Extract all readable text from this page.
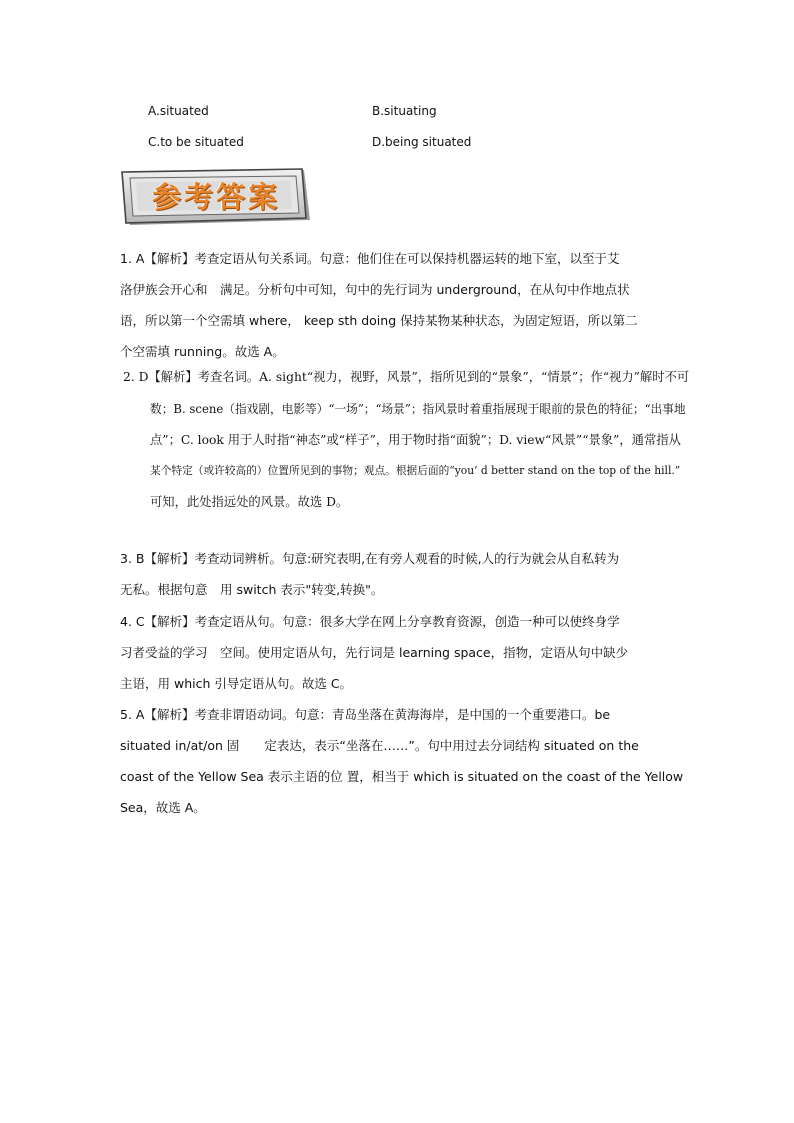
A.situated	B.situating
C.to be situated	D.being situated
参考答案
1. A【解析】考查定语从句关系词。句意：他们住在可以保持机器运转的地下室，以至于艾
洛伊族会开心和　满足。分析句中可知，句中的先行词为 underground，在从句中作地点状
语，所以第一个空需填 where， keep sth doing 保持某物某种状态，为固定短语，所以第二
个空需填 running。故选 A。
2. D【解析】考查名词。A. sight“视力，视野，风景”，指所见到的“景象”，“情景”；作“视力”解时不可
数；B. scene（指戏剧，电影等）“一场”；“场景”；指风景时着重指展现于眼前的景色的特征；“出事地
点”；C. look 用于人时指“神态”或“样子”，用于物时指“面貌”；D. view“风景”“景象”，通常指从
某个特定（或许较高的）位置所见到的事物；观点。根据后面的“you’ d better stand on the top of the hill.”
可知，此处指远处的风景。故选 D。
3. B【解析】考查动词辨析。句意:研究表明,在有旁人观看的时候,人的行为就会从自私转为
无私。根据句意　用 switch 表示"转变,转换"。
4. C【解析】考查定语从句。句意：很多大学在网上分享教育资源，创造一种可以使终身学
习者受益的学习　空间。使用定语从句，先行词是 learning space，指物，定语从句中缺少
主语，用 which 引导定语从句。故选 C。
5. A【解析】考查非谓语动词。句意：青岛坐落在黄海海岸，是中国的一个重要港口。be
situated in/at/on 固　　定表达，表示“坐落在……”。句中用过去分词结构 situated on the
coast of the Yellow Sea 表示主语的位 置，相当于 which is situated on the coast of the Yellow
Sea，故选 A。
